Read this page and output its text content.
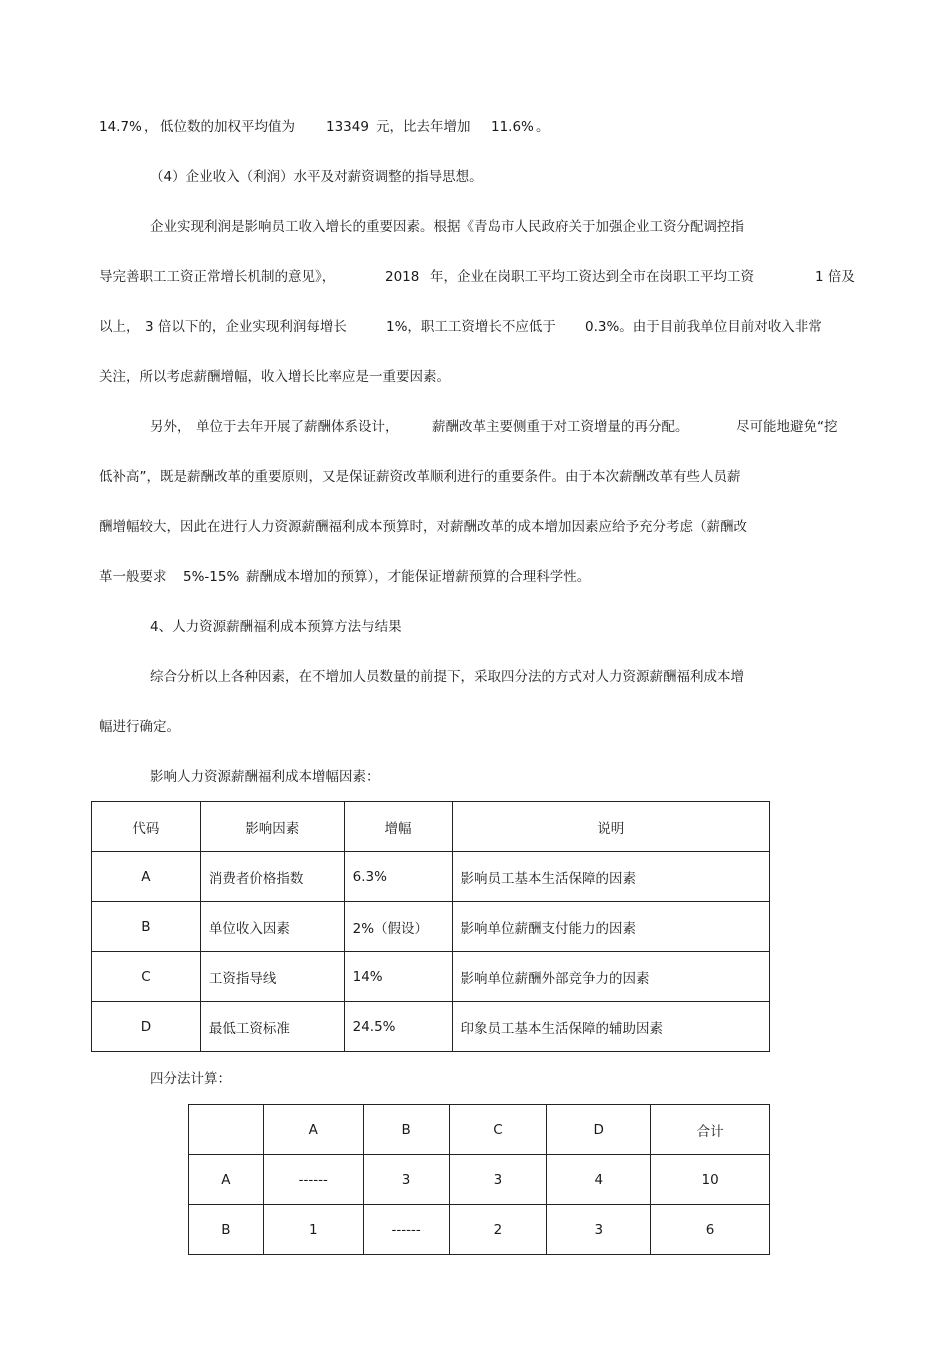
14.7% ， 低位数的加权平均值为 13349 元，比去年增加 11.6% 。
（4）企业收入（利润）水平及对薪资调整的指导思想。
企业实现利润是影响员工收入增长的重要因素。根据《青岛市人民政府关于加强企业工资分配调控指
导完善职工工资正常增长机制的意见》，	2018 年，企业在岗职工平均工资达到全市在岗职工平均工资	1 倍及
以上， 3 倍以下的，企业实现利润每增长	1%，职工工资增长不应低于 0.3%。由于目前我单位目前对收入非常
关注，所以考虑薪酬增幅，收入增长比率应是一重要因素。
另外， 单位于去年开展了薪酬体系设计， 薪酬改革主要侧重于对工资增量的再分配。	尽可能地避免“挖
低补高”，既是薪酬改革的重要原则，又是保证薪资改革顺利进行的重要条件。由于本次薪酬改革有些人员薪
酬增幅较大，因此在进行人力资源薪酬福利成本预算时，对薪酬改革的成本增加因素应给予充分考虑（薪酬改
革一般要求 5%-15% 薪酬成本增加的预算），才能保证增薪预算的合理科学性。
4、人力资源薪酬福利成本预算方法与结果
综合分析以上各种因素，在不增加人员数量的前提下，采取四分法的方式对人力资源薪酬福利成本增
幅进行确定。
影响人力资源薪酬福利成本增幅因素：
代码	影响因素	增幅	说明
A	消费者价格指数	6.3%	影响员工基本生活保障的因素
B	单位收入因素	2%（假设）	影响单位薪酬支付能力的因素
C	工资指导线	14%	影响单位薪酬外部竞争力的因素
D	最低工资标准	24.5%	印象员工基本生活保障的辅助因素
四分法计算：
	A	B	C	D	合计
A	------	3	3	4	10
B	1	------	2	3	6
